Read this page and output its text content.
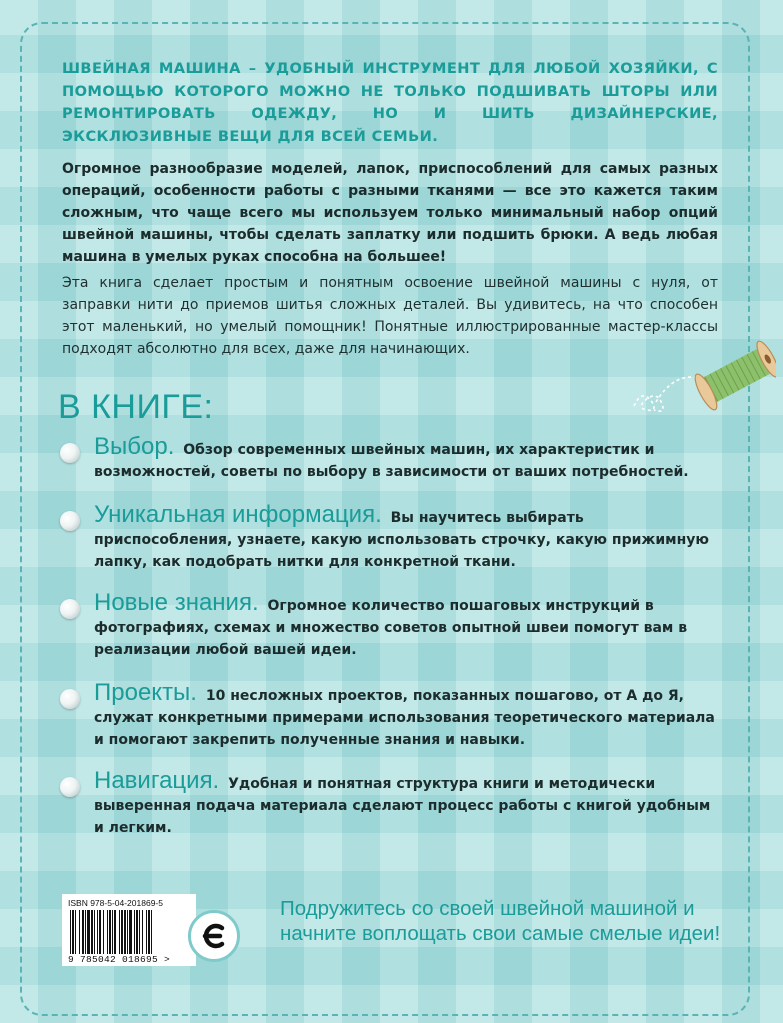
ШВЕЙНАЯ МАШИНА – УДОБНЫЙ ИНСТРУМЕНТ ДЛЯ ЛЮБОЙ ХОЗЯЙКИ, С ПОМОЩЬЮ КОТОРОГО МОЖНО НЕ ТОЛЬКО ПОДШИВАТЬ ШТОРЫ ИЛИ РЕМОНТИРОВАТЬ ОДЕЖДУ, НО И ШИТЬ ДИЗАЙНЕРСКИЕ, ЭКСКЛЮЗИВНЫЕ ВЕЩИ ДЛЯ ВСЕЙ СЕМЬИ.

Огромное разнообразие моделей, лапок, приспособлений для самых разных операций, особенности работы с разными тканями — все это кажется таким сложным, что чаще всего мы используем только минимальный набор опций швейной машины, чтобы сделать заплатку или подшить брюки. А ведь любая машина в умелых руках способна на большее!

Эта книга сделает простым и понятным освоение швейной машины с нуля, от заправки нити до приемов шитья сложных деталей. Вы удивитесь, на что способен этот маленький, но умелый помощник! Понятные иллюстрированные мастер-классы подходят абсолютно для всех, даже для начинающих.

В КНИГЕ:

Выбор. Обзор современных швейных машин, их характеристик и возможностей, советы по выбору в зависимости от ваших потребностей.

Уникальная информация. Вы научитесь выбирать приспособления, узнаете, какую использовать строчку, какую прижимную лапку, как подобрать нитки для конкретной ткани.

Новые знания. Огромное количество пошаговых инструкций в фотографиях, схемах и множество советов опытной швеи помогут вам в реализации любой вашей идеи.

Проекты. 10 несложных проектов, показанных пошагово, от А до Я, служат конкретными примерами использования теоретического материала и помогают закрепить полученные знания и навыки.

Навигация. Удобная и понятная структура книги и методически выверенная подача материала сделают процесс работы с книгой удобным и легким.

ISBN 978-5-04-201869-5
9 785042 018695 >

Подружитесь со своей швейной машиной и начните воплощать свои самые смелые идеи!
